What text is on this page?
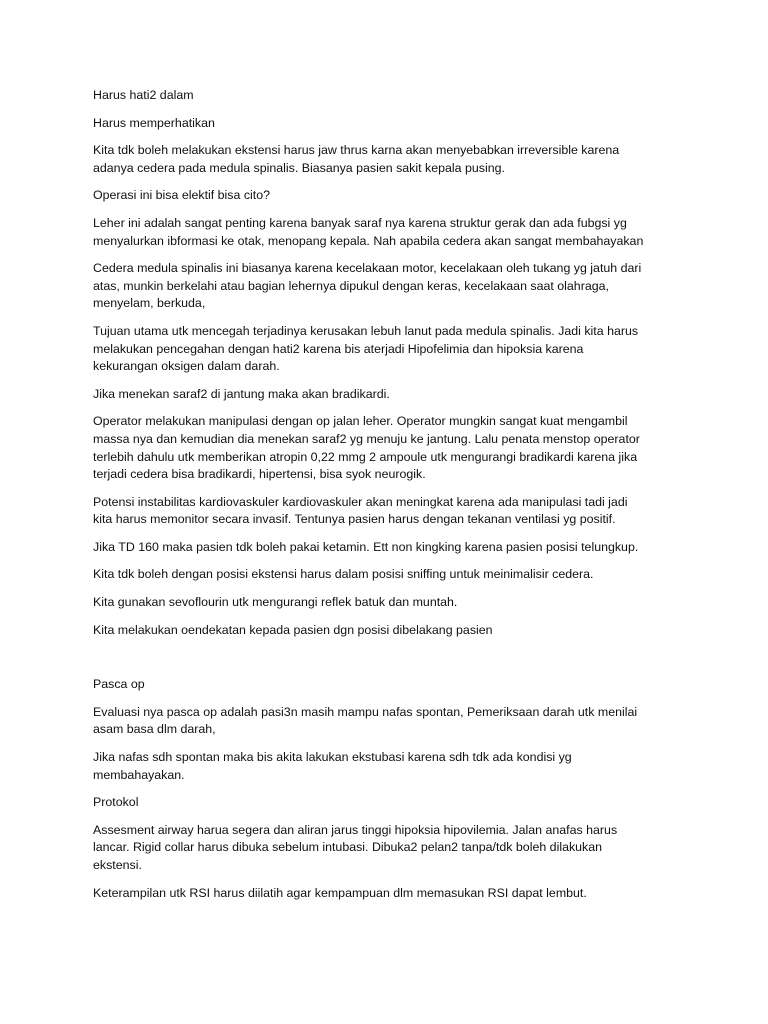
Harus hati2 dalam
Harus memperhatikan
Kita tdk boleh melakukan ekstensi harus jaw thrus karna akan menyebabkan irreversible karena
adanya cedera pada medula spinalis. Biasanya pasien sakit kepala pusing.
Operasi ini bisa elektif bisa cito?
Leher ini adalah sangat penting karena banyak saraf nya karena struktur gerak dan ada fubgsi yg
menyalurkan ibformasi ke otak, menopang kepala. Nah apabila cedera akan sangat membahayakan
Cedera medula spinalis ini biasanya karena kecelakaan motor, kecelakaan oleh tukang yg jatuh dari
atas, munkin berkelahi atau bagian lehernya dipukul dengan keras, kecelakaan saat olahraga,
menyelam, berkuda,
Tujuan utama utk mencegah terjadinya kerusakan lebuh lanut pada medula spinalis. Jadi kita harus
melakukan pencegahan dengan hati2 karena bis aterjadi Hipofelimia dan hipoksia karena
kekurangan oksigen dalam darah.
Jika menekan saraf2 di jantung maka akan bradikardi.
Operator melakukan manipulasi dengan op jalan leher. Operator mungkin sangat kuat mengambil
massa nya dan kemudian dia menekan saraf2 yg menuju ke jantung. Lalu penata menstop operator
terlebih dahulu utk memberikan atropin 0,22 mmg 2 ampoule utk mengurangi bradikardi karena jika
terjadi cedera bisa bradikardi, hipertensi, bisa syok neurogik.
Potensi instabilitas kardiovaskuler kardiovaskuler akan meningkat karena ada manipulasi tadi jadi
kita harus memonitor secara invasif. Tentunya pasien harus dengan tekanan ventilasi yg positif.
Jika TD 160 maka pasien tdk boleh pakai ketamin. Ett non kingking karena pasien posisi telungkup.
Kita tdk boleh dengan posisi ekstensi harus dalam posisi sniffing untuk meinimalisir cedera.
Kita gunakan sevoflourin utk mengurangi reflek batuk dan muntah.
Kita melakukan oendekatan kepada pasien dgn posisi dibelakang pasien
Pasca op
Evaluasi nya pasca op adalah pasi3n masih mampu nafas spontan, Pemeriksaan darah utk menilai
asam basa dlm darah,
Jika nafas sdh spontan maka bis akita lakukan ekstubasi karena sdh tdk ada kondisi yg
membahayakan.
Protokol
Assesment airway harua segera dan aliran jarus tinggi hipoksia hipovilemia. Jalan anafas harus
lancar. Rigid collar harus dibuka sebelum intubasi. Dibuka2 pelan2 tanpa/tdk boleh dilakukan
ekstensi.
Keterampilan utk RSI harus diilatih agar kempampuan dlm memasukan RSI dapat lembut.
